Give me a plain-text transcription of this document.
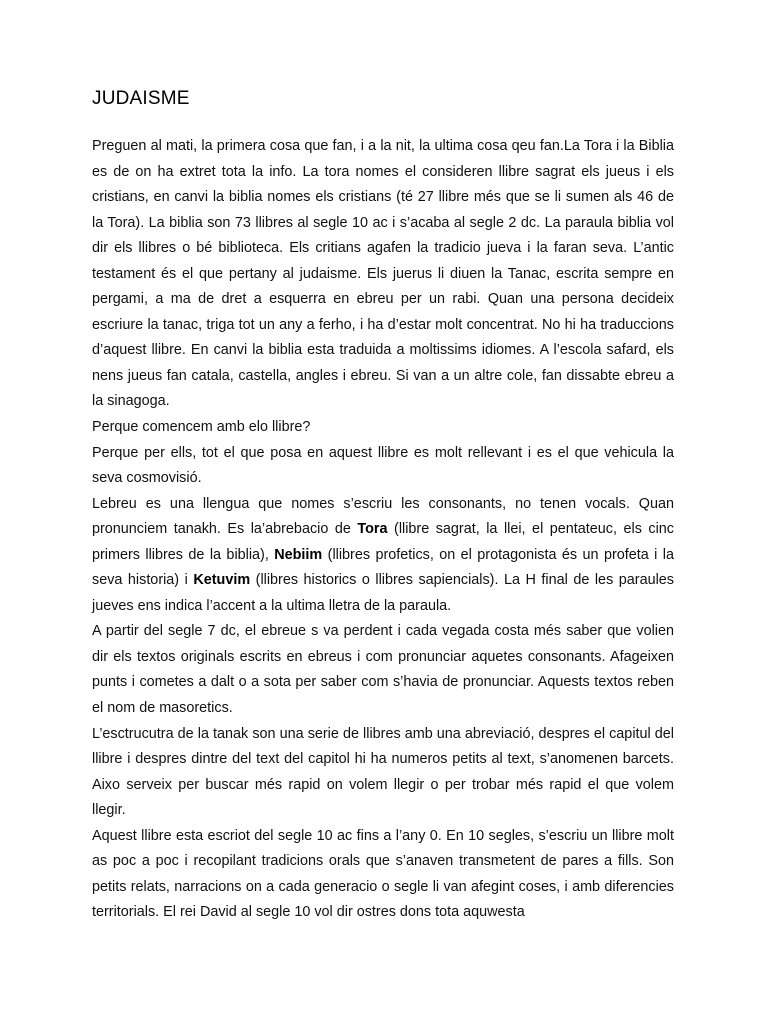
JUDAISME

Preguen al mati, la primera cosa que fan, i a la nit, la ultima cosa qeu fan.La Tora i la Biblia es de on ha extret tota la info. La tora nomes el consideren llibre sagrat els jueus i els cristians, en canvi la biblia nomes els cristians (té 27 llibre més que se li sumen als 46 de la Tora). La biblia son 73 llibres al segle 10 ac i s’acaba al segle 2 dc. La paraula biblia vol dir els llibres o bé biblioteca. Els critians agafen la tradicio jueva i la faran seva. L’antic testament és el que pertany al judaisme. Els juerus li diuen la Tanac, escrita sempre en pergami, a ma de dret a esquerra en ebreu per un rabi. Quan una persona decideix escriure la tanac, triga tot un any a ferho, i ha d’estar molt concentrat. No hi ha traduccions d’aquest llibre. En canvi la biblia esta traduida a moltissims idiomes. A l’escola safard, els nens jueus fan catala, castella, angles i ebreu. Si van a un altre cole, fan dissabte ebreu a la sinagoga.

Perque comencem amb elo llibre?

Perque per ells, tot el que posa en aquest llibre es molt rellevant i es el que vehicula la seva cosmovisió.

Lebreu es una llengua que nomes s’escriu les consonants, no tenen vocals. Quan pronunciem tanakh. Es la’abrebacio de Tora (llibre sagrat, la llei, el pentateuc, els cinc primers llibres de la biblia), Nebiim (llibres profetics, on el protagonista és un profeta i la seva historia) i Ketuvim (llibres historics o llibres sapiencials). La H final de les paraules jueves ens indica l’accent a la ultima lletra de la paraula.

A partir del segle 7 dc, el ebreue s va perdent i cada vegada costa més saber que volien dir els textos originals escrits en ebreus i com pronunciar aquetes consonants. Afageixen punts i cometes a dalt o a sota per saber com s’havia de pronunciar. Aquests textos reben el nom de masoretics.

L’esctrucutra de la tanak son una serie de llibres amb una abreviació, despres el capitul del llibre i despres dintre del text del capitol hi ha numeros petits al text, s’anomenen barcets. Aixo serveix per buscar més rapid on volem llegir o per trobar més rapid el que volem llegir.

Aquest llibre esta escriot del segle 10 ac fins a l’any 0. En 10 segles, s’escriu un llibre molt as poc a poc i recopilant tradicions orals que s’anaven transmetent de pares a fills. Son petits relats, narracions on a cada generacio o segle li van afegint coses, i amb diferencies territorials. El rei David al segle 10 vol dir ostres dons tota aquwesta
